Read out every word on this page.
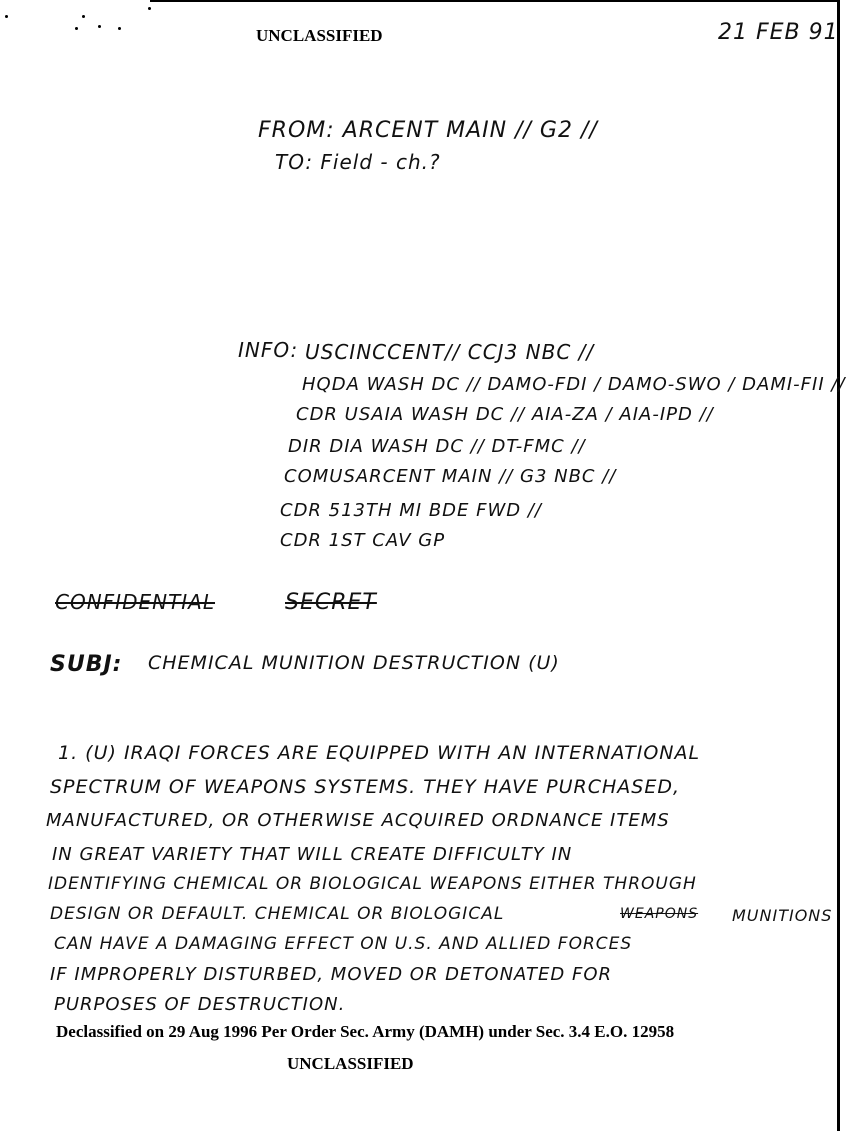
UNCLASSIFIED	21 FEB 91
FROM: ARCENT MAIN // G2 //
TO: Field - ch.?
INFO: USCINCCENT// CCJ3 NBC //
HQDA WASH DC // DAMO-FDI / DAMO-SWO / DAMI-FII //
CDR USAIA WASH DC // AIA-ZA / AIA-IPD //
DIR DIA WASH DC // DT-FMC //
COMUSARCENT MAIN // G3 NBC //
CDR 513TH MI BDE FWD //
CDR 1ST CAV GP
CONFIDENTIAL	SECRET
SUBJ: CHEMICAL MUNITION DESTRUCTION (U)
1. (U) IRAQI FORCES ARE EQUIPPED WITH AN INTERNATIONAL
SPECTRUM OF WEAPONS SYSTEMS. THEY HAVE PURCHASED,
MANUFACTURED, OR OTHERWISE ACQUIRED ORDNANCE ITEMS
IN GREAT VARIETY THAT WILL CREATE DIFFICULTY IN
IDENTIFYING CHEMICAL OR BIOLOGICAL WEAPONS EITHER THROUGH
DESIGN OR DEFAULT. CHEMICAL OR BIOLOGICAL	WEAPONS MUNITIONS
CAN HAVE A DAMAGING EFFECT ON U.S. AND ALLIED FORCES
IF IMPROPERLY DISTURBED, MOVED OR DETONATED FOR
PURPOSES OF DESTRUCTION.
Declassified on 29 Aug 1996 Per Order Sec. Army (DAMH) under Sec. 3.4 E.O. 12958
UNCLASSIFIED
